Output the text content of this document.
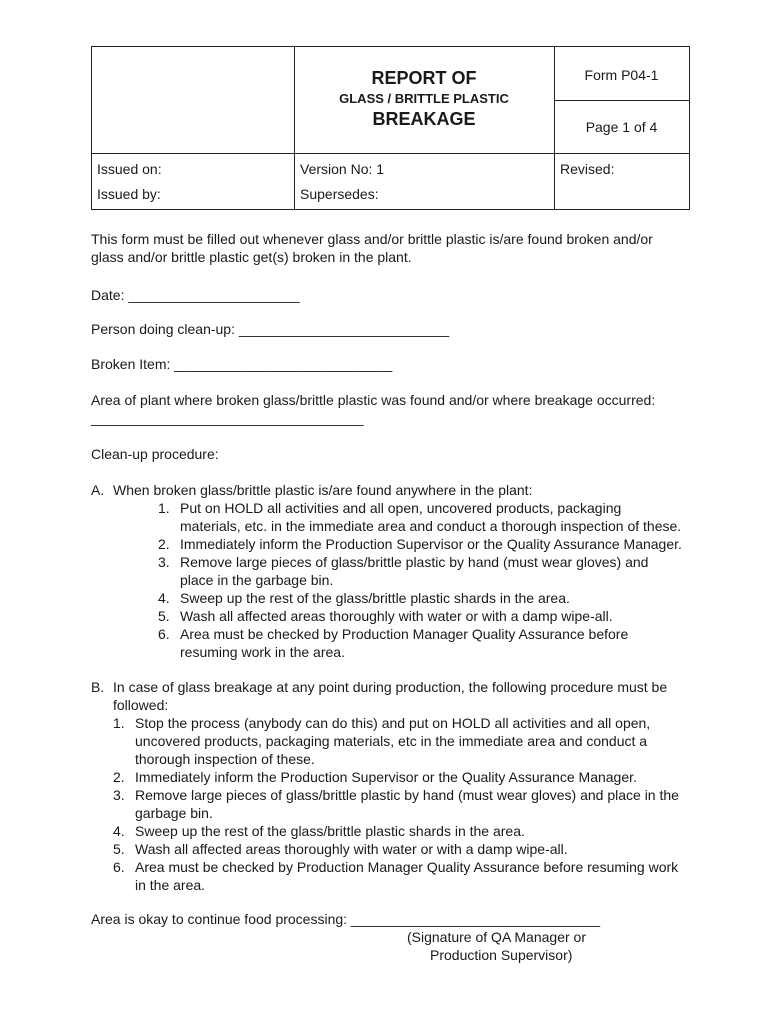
REPORT OF
GLASS / BRITTLE PLASTIC
BREAKAGE
Form P04-1
Page 1 of 4
Issued on:
Issued by:
Version No: 1
Supersedes:
Revised:
This form must be filled out whenever glass and/or brittle plastic is/are found broken and/or
glass and/or brittle plastic get(s) broken in the plant.
Date: ______________________
Person doing clean-up: ___________________________
Broken Item: ____________________________
Area of plant where broken glass/brittle plastic was found and/or where breakage occurred:
___________________________________
Clean-up procedure:
A. When broken glass/brittle plastic is/are found anywhere in the plant:
1. Put on HOLD all activities and all open, uncovered products, packaging
materials, etc. in the immediate area and conduct a thorough inspection of these.
2. Immediately inform the Production Supervisor or the Quality Assurance Manager.
3. Remove large pieces of glass/brittle plastic by hand (must wear gloves) and
place in the garbage bin.
4. Sweep up the rest of the glass/brittle plastic shards in the area.
5. Wash all affected areas thoroughly with water or with a damp wipe-all.
6. Area must be checked by Production Manager Quality Assurance before
resuming work in the area.
B. In case of glass breakage at any point during production, the following procedure must be
followed:
1. Stop the process (anybody can do this) and put on HOLD all activities and all open,
uncovered products, packaging materials, etc in the immediate area and conduct a
thorough inspection of these.
2. Immediately inform the Production Supervisor or the Quality Assurance Manager.
3. Remove large pieces of glass/brittle plastic by hand (must wear gloves) and place in the
garbage bin.
4. Sweep up the rest of the glass/brittle plastic shards in the area.
5. Wash all affected areas thoroughly with water or with a damp wipe-all.
6. Area must be checked by Production Manager Quality Assurance before resuming work
in the area.
Area is okay to continue food processing: ________________________________
(Signature of QA Manager or
Production Supervisor)
